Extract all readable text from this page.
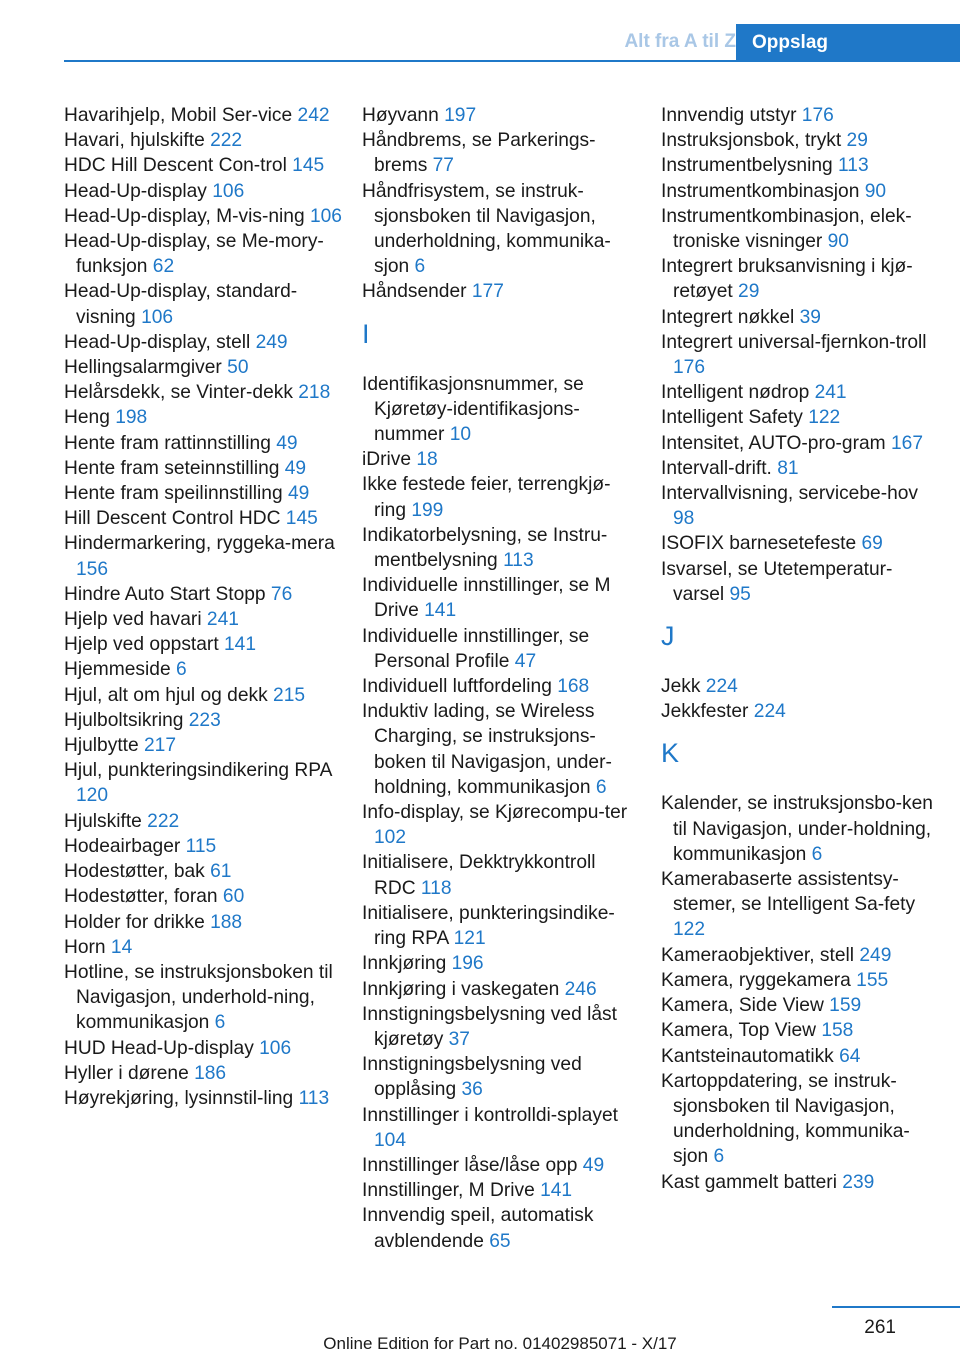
Alt fra A til Z Oppslag
Havarihjelp, Mobil Ser-vice 242
Havari, hjulskifte 222
HDC Hill Descent Con-trol 145
Head-Up-display 106
Head-Up-display, M-vis-ning 106
Head-Up-display, se Me-mory-funksjon 62
Head-Up-display, standard-visning 106
Head-Up-display, stell 249
Hellingsalarmgiver 50
Helårsdekk, se Vinter-dekk 218
Heng 198
Hente fram rattinnstilling 49
Hente fram seteinnstilling 49
Hente fram speilinnstilling 49
Hill Descent Control HDC 145
Hindermarkering, ryggeka-mera 156
Hindre Auto Start Stopp 76
Hjelp ved havari 241
Hjelp ved oppstart 141
Hjemmeside 6
Hjul, alt om hjul og dekk 215
Hjulboltsikring 223
Hjulbytte 217
Hjul, punkteringsindikering RPA 120
Hjulskifte 222
Hodeairbager 115
Hodestøtter, bak 61
Hodestøtter, foran 60
Holder for drikke 188
Horn 14
Hotline, se instruksjonsboken til Navigasjon, underhold-ning, kommunikasjon 6
HUD Head-Up-display 106
Hyller i dørene 186
Høyrekjøring, lysinnstil-ling 113
Høyvann 197
Håndbrems, se Parkerings-brems 77
Håndfrisystem, se instruk-sjonsboken til Navigasjon, underholdning, kommunika-sjon 6
Håndsender 177
I
Identifikasjonsnummer, se Kjøretøy-identifikasjons-nummer 10
iDrive 18
Ikke festede feier, terrengkjø-ring 199
Indikatorbelysning, se Instru-mentbelysning 113
Individuelle innstillinger, se M Drive 141
Individuelle innstillinger, se Personal Profile 47
Individuell luftfordeling 168
Induktiv lading, se Wireless Charging, se instruksjons-boken til Navigasjon, under-holdning, kommunikasjon 6
Info-display, se Kjørecompu-ter 102
Initialisere, Dekktrykkontroll RDC 118
Initialisere, punkteringsindike-ring RPA 121
Innkjøring 196
Innkjøring i vaskegaten 246
Innstigningsbelysning ved låst kjøretøy 37
Innstigningsbelysning ved opplåsing 36
Innstillinger i kontrolldi-splayet 104
Innstillinger låse/låse opp 49
Innstillinger, M Drive 141
Innvendig speil, automatisk avblendende 65
Innvendig utstyr 176
Instruksjonsbok, trykt 29
Instrumentbelysning 113
Instrumentkombinasjon 90
Instrumentkombinasjon, elek-troniske visninger 90
Integrert bruksanvisning i kjø-retøyet 29
Integrert nøkkel 39
Integrert universal-fjernkon-troll 176
Intelligent nødrop 241
Intelligent Safety 122
Intensitet, AUTO-pro-gram 167
Intervall-drift. 81
Intervallvisning, servicebe-hov 98
ISOFIX barnesetefeste 69
Isvarsel, se Utetemperatur-varsel 95
J
Jekk 224
Jekkfester 224
K
Kalender, se instruksjonsbo-ken til Navigasjon, under-holdning, kommunikasjon 6
Kamerabaserte assistentsy-stemer, se Intelligent Sa-fety 122
Kameraobjektiver, stell 249
Kamera, ryggekamera 155
Kamera, Side View 159
Kamera, Top View 158
Kantsteinautomatikk 64
Kartoppdatering, se instruk-sjonsboken til Navigasjon, underholdning, kommunika-sjon 6
Kast gammelt batteri 239
261
Online Edition for Part no. 01402985071 - X/17
